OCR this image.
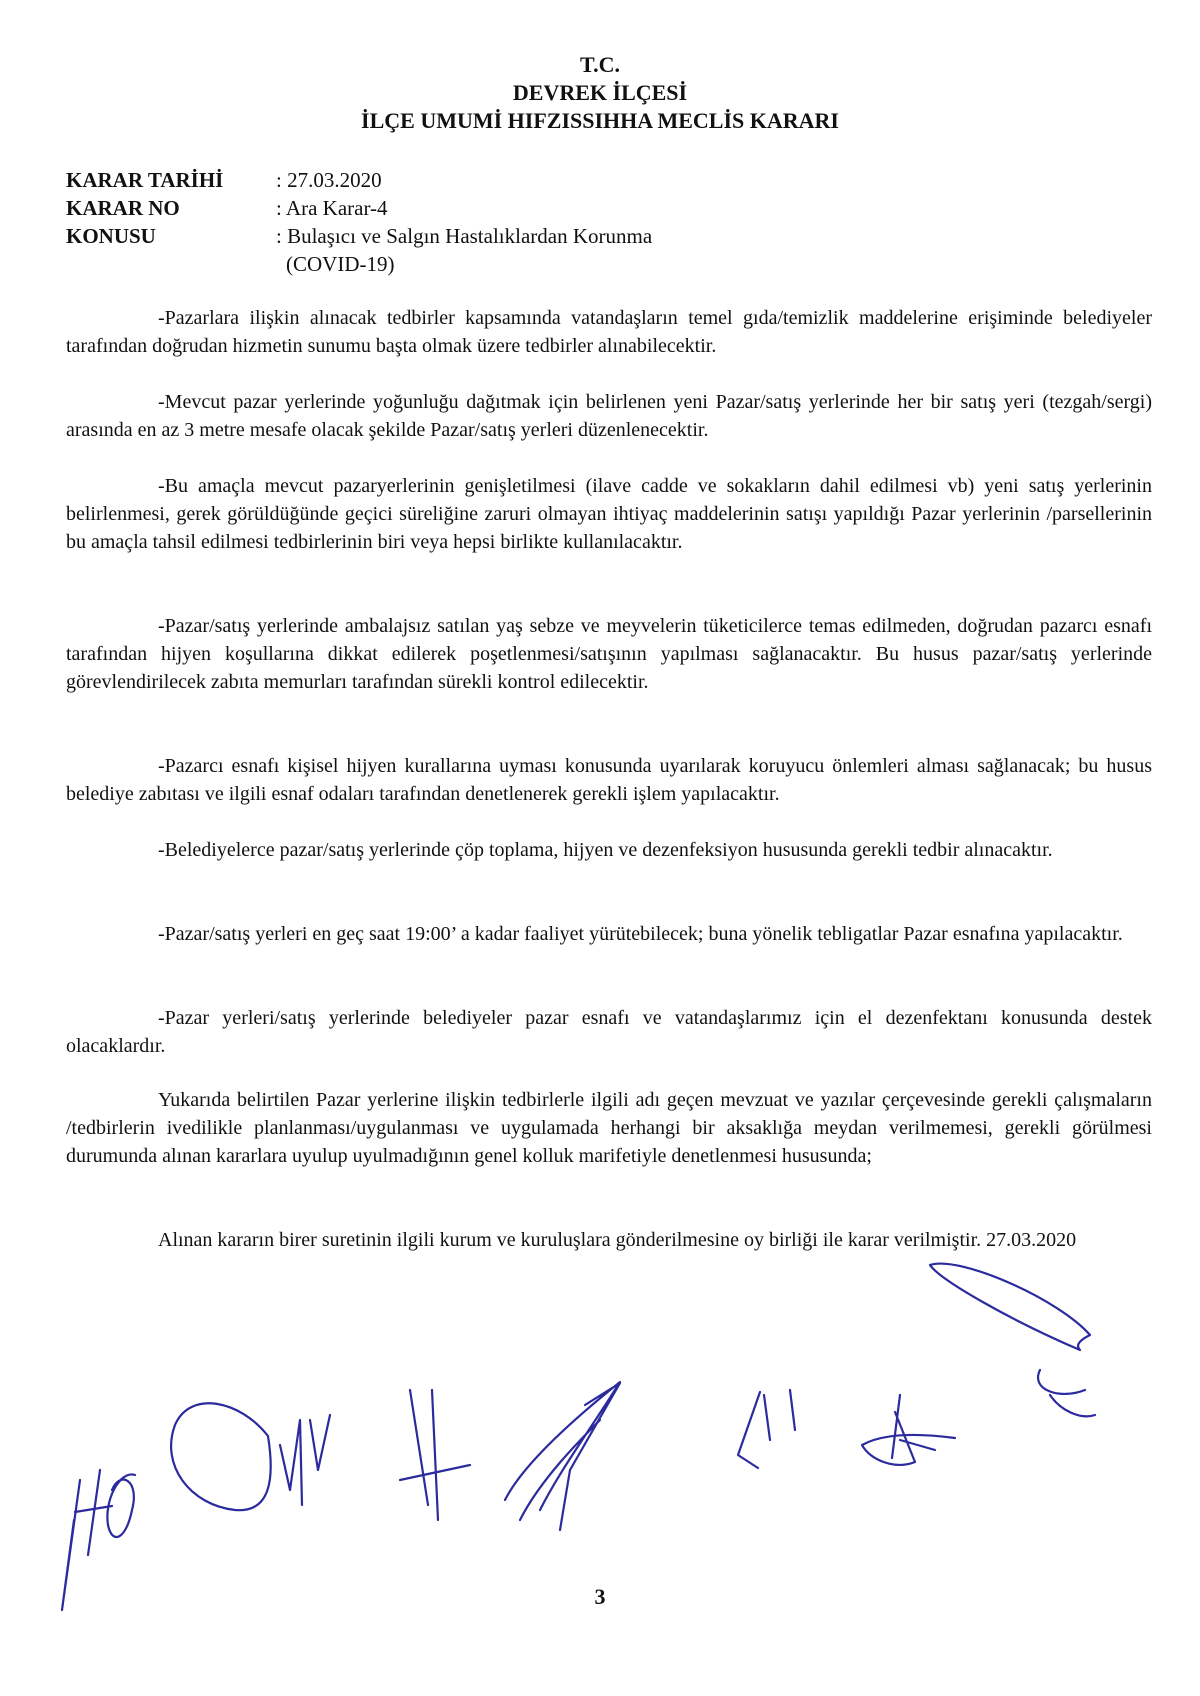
T.C.
DEVREK İLÇESİ
İLÇE UMUMİ HIFZISSIHHA MECLİS KARARI
KARAR TARİHİ	: 27.03.2020
KARAR NO	: Ara Karar-4
KONUSU	: Bulaşıcı ve Salgın Hastalıklardan Korunma
(COVID-19)
-Pazarlara ilişkin alınacak tedbirler kapsamında vatandaşların temel gıda/temizlik maddelerine erişiminde belediyeler tarafından doğrudan hizmetin sunumu başta olmak üzere tedbirler alınabilecektir.
-Mevcut pazar yerlerinde yoğunluğu dağıtmak için belirlenen yeni Pazar/satış yerlerinde her bir satış yeri (tezgah/sergi) arasında en az 3 metre mesafe olacak şekilde Pazar/satış yerleri düzenlenecektir.
-Bu amaçla mevcut pazaryerlerinin genişletilmesi (ilave cadde ve sokakların dahil edilmesi vb) yeni satış yerlerinin belirlenmesi, gerek görüldüğünde geçici süreliğine zaruri olmayan ihtiyaç maddelerinin satışı yapıldığı Pazar yerlerinin /parsellerinin bu amaçla tahsil edilmesi tedbirlerinin biri veya hepsi birlikte kullanılacaktır.
-Pazar/satış yerlerinde ambalajsız satılan yaş sebze ve meyvelerin tüketicilerce temas edilmeden, doğrudan pazarcı esnafı tarafından hijyen koşullarına dikkat edilerek poşetlenmesi/satışının yapılması sağlanacaktır. Bu husus pazar/satış yerlerinde görevlendirilecek zabıta memurları tarafından sürekli kontrol edilecektir.
-Pazarcı esnafı kişisel hijyen kurallarına uyması konusunda uyarılarak koruyucu önlemleri alması sağlanacak; bu husus belediye zabıtası ve ilgili esnaf odaları tarafından denetlenerek gerekli işlem yapılacaktır.
-Belediyelerce pazar/satış yerlerinde çöp toplama, hijyen ve dezenfeksiyon hususunda gerekli tedbir alınacaktır.
-Pazar/satış yerleri en geç saat 19:00’ a kadar faaliyet yürütebilecek; buna yönelik tebligatlar Pazar esnafına yapılacaktır.
-Pazar yerleri/satış yerlerinde belediyeler pazar esnafı ve vatandaşlarımız için el dezenfektanı konusunda destek olacaklardır.
Yukarıda belirtilen Pazar yerlerine ilişkin tedbirlerle ilgili adı geçen mevzuat ve yazılar çerçevesinde gerekli çalışmaların /tedbirlerin ivedilikle planlanması/uygulanması ve uygulamada herhangi bir aksaklığa meydan verilmemesi, gerekli görülmesi durumunda alınan kararlara uyulup uyulmadığının genel kolluk marifetiyle denetlenmesi hususunda;
Alınan kararın birer suretinin ilgili kurum ve kuruluşlara gönderilmesine oy birliği ile karar verilmiştir. 27.03.2020
3
